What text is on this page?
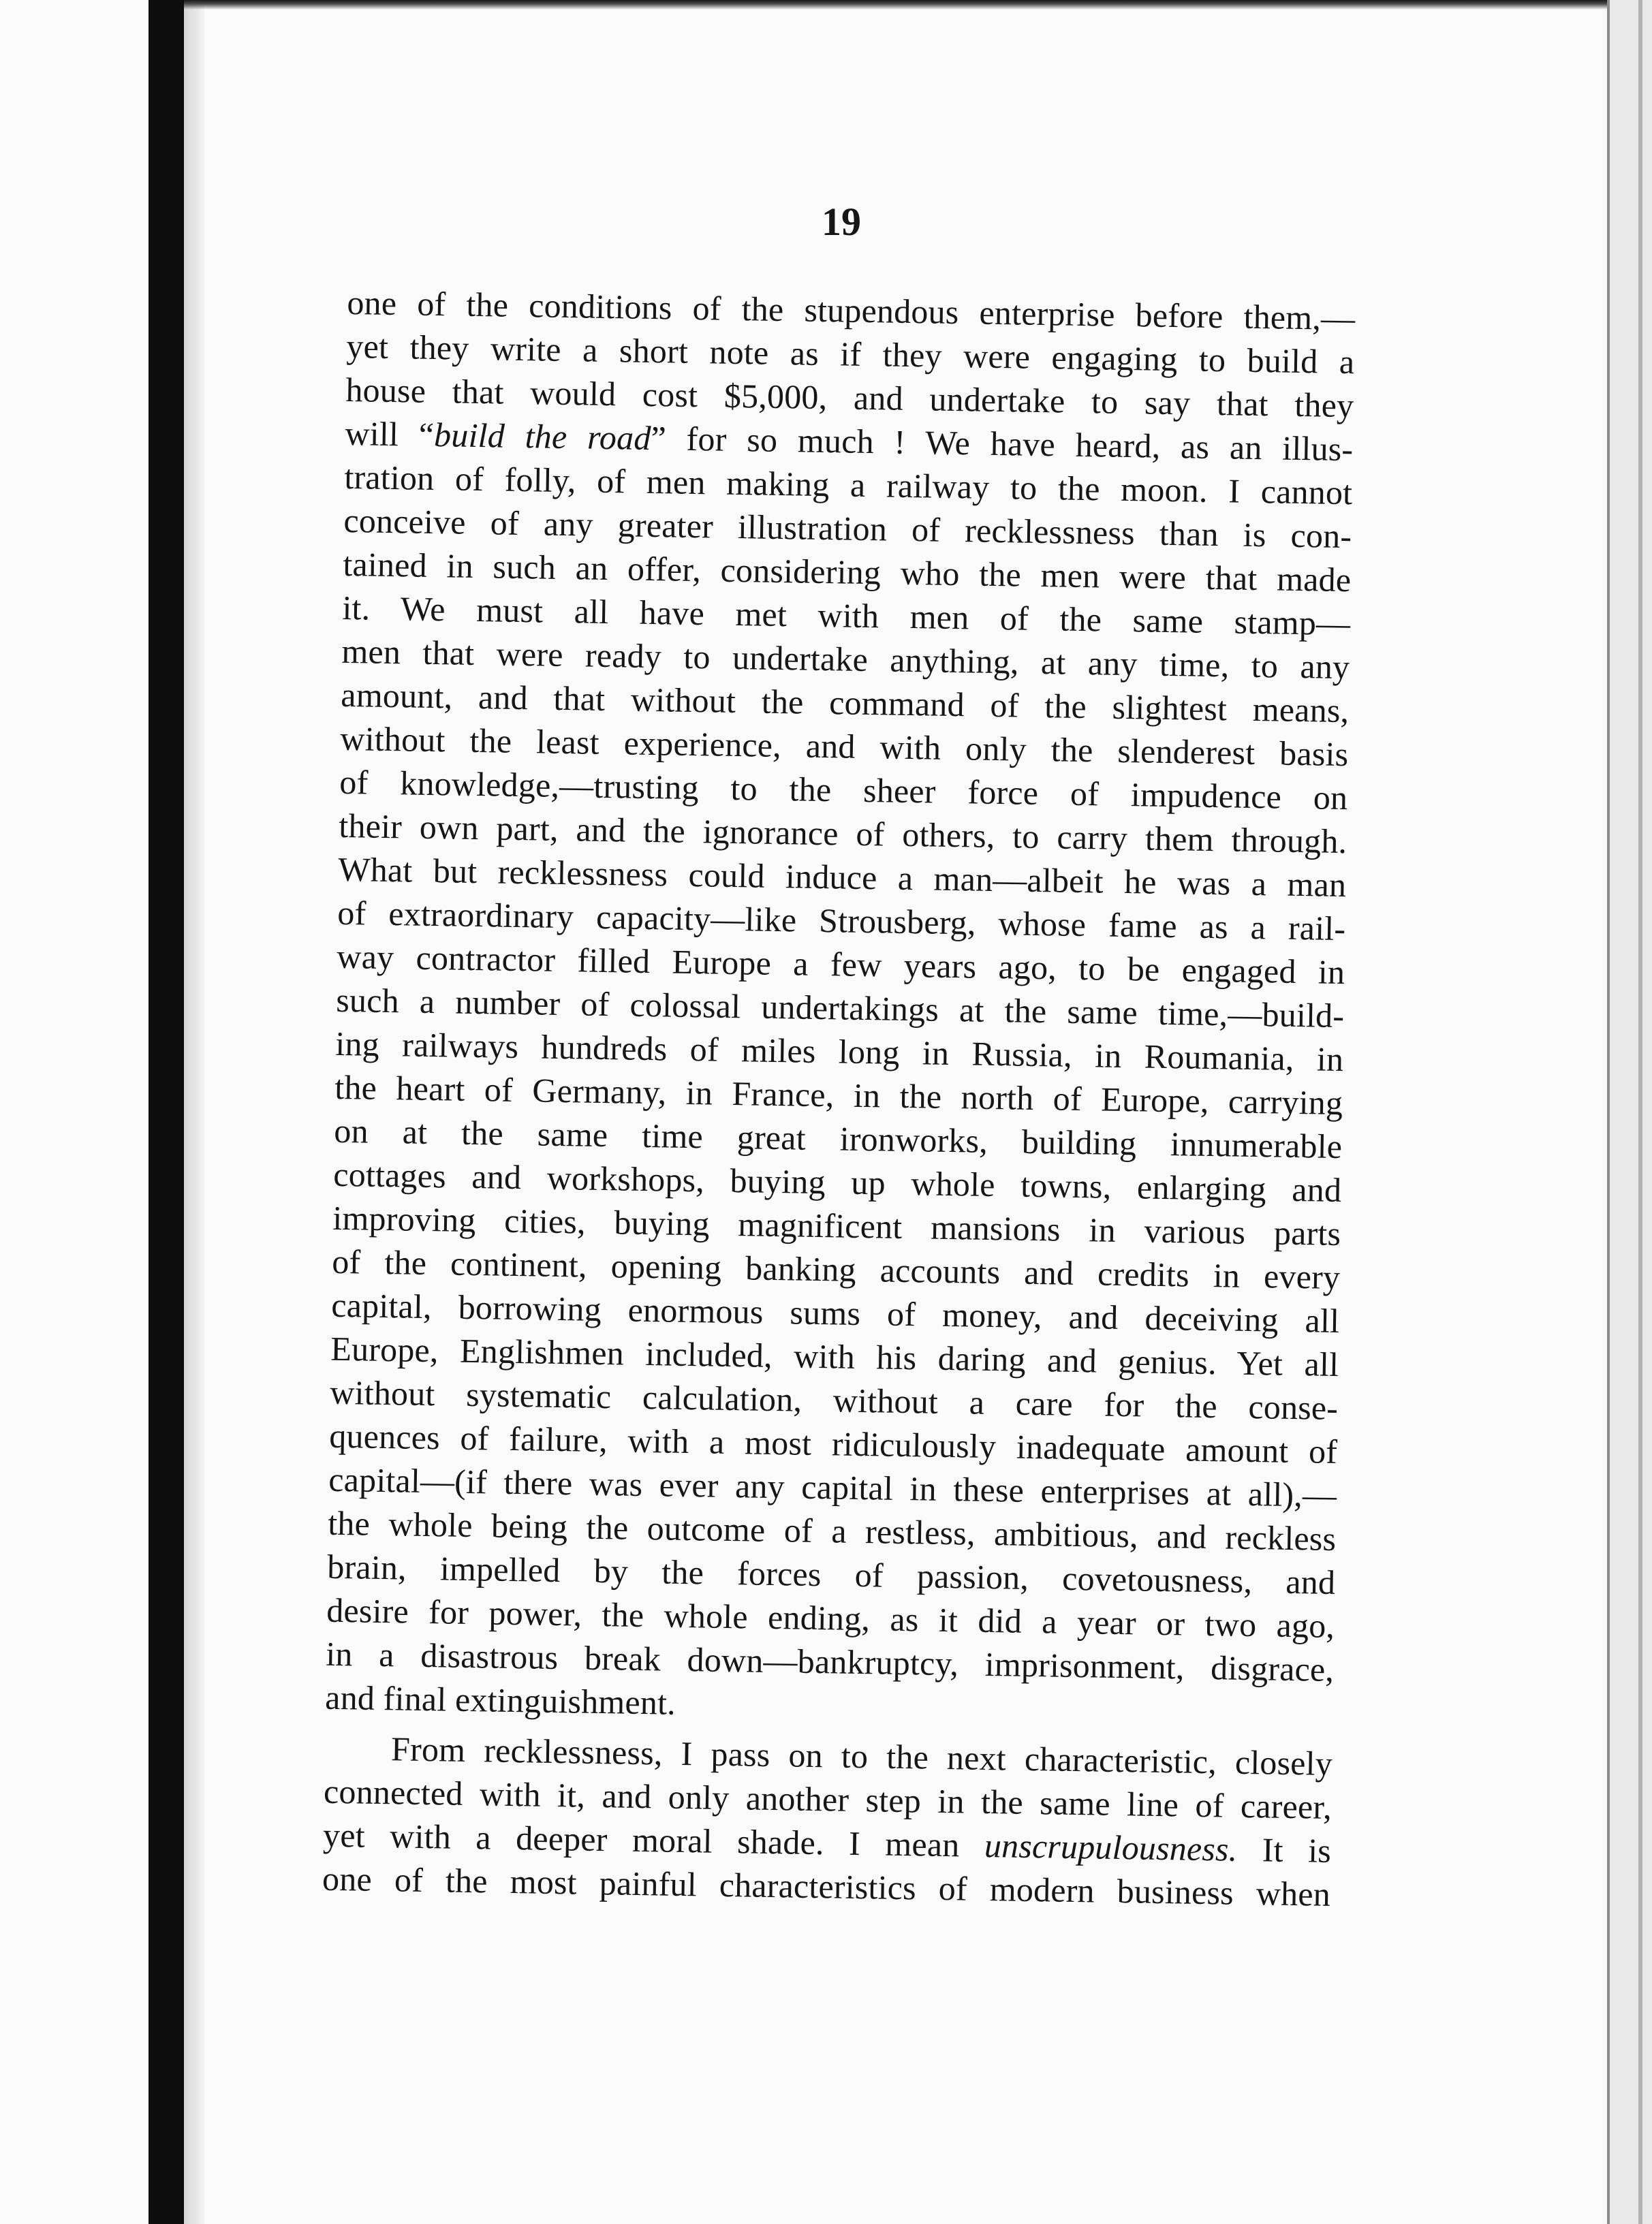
19
one of the conditions of the stupendous enterprise before them,—
yet they write a short note as if they were engaging to build a
house that would cost $5,000, and undertake to say that they
will “build the road” for so much ! We have heard, as an illus-
tration of folly, of men making a railway to the moon. I cannot
conceive of any greater illustration of recklessness than is con-
tained in such an offer, considering who the men were that made
it. We must all have met with men of the same stamp—
men that were ready to undertake anything, at any time, to any
amount, and that without the command of the slightest means,
without the least experience, and with only the slenderest basis
of knowledge,—trusting to the sheer force of impudence on
their own part, and the ignorance of others, to carry them through.
What but recklessness could induce a man—albeit he was a man
of extraordinary capacity—like Strousberg, whose fame as a rail-
way contractor filled Europe a few years ago, to be engaged in
such a number of colossal undertakings at the same time,—build-
ing railways hundreds of miles long in Russia, in Roumania, in
the heart of Germany, in France, in the north of Europe, carrying
on at the same time great ironworks, building innumerable
cottages and workshops, buying up whole towns, enlarging and
improving cities, buying magnificent mansions in various parts
of the continent, opening banking accounts and credits in every
capital, borrowing enormous sums of money, and deceiving all
Europe, Englishmen included, with his daring and genius. Yet all
without systematic calculation, without a care for the conse-
quences of failure, with a most ridiculously inadequate amount of
capital—(if there was ever any capital in these enterprises at all),—
the whole being the outcome of a restless, ambitious, and reckless
brain, impelled by the forces of passion, covetousness, and
desire for power, the whole ending, as it did a year or two ago,
in a disastrous break down—bankruptcy, imprisonment, disgrace,
and final extinguishment.
From recklessness, I pass on to the next characteristic, closely
connected with it, and only another step in the same line of career,
yet with a deeper moral shade. I mean unscrupulousness. It is
one of the most painful characteristics of modern business when
